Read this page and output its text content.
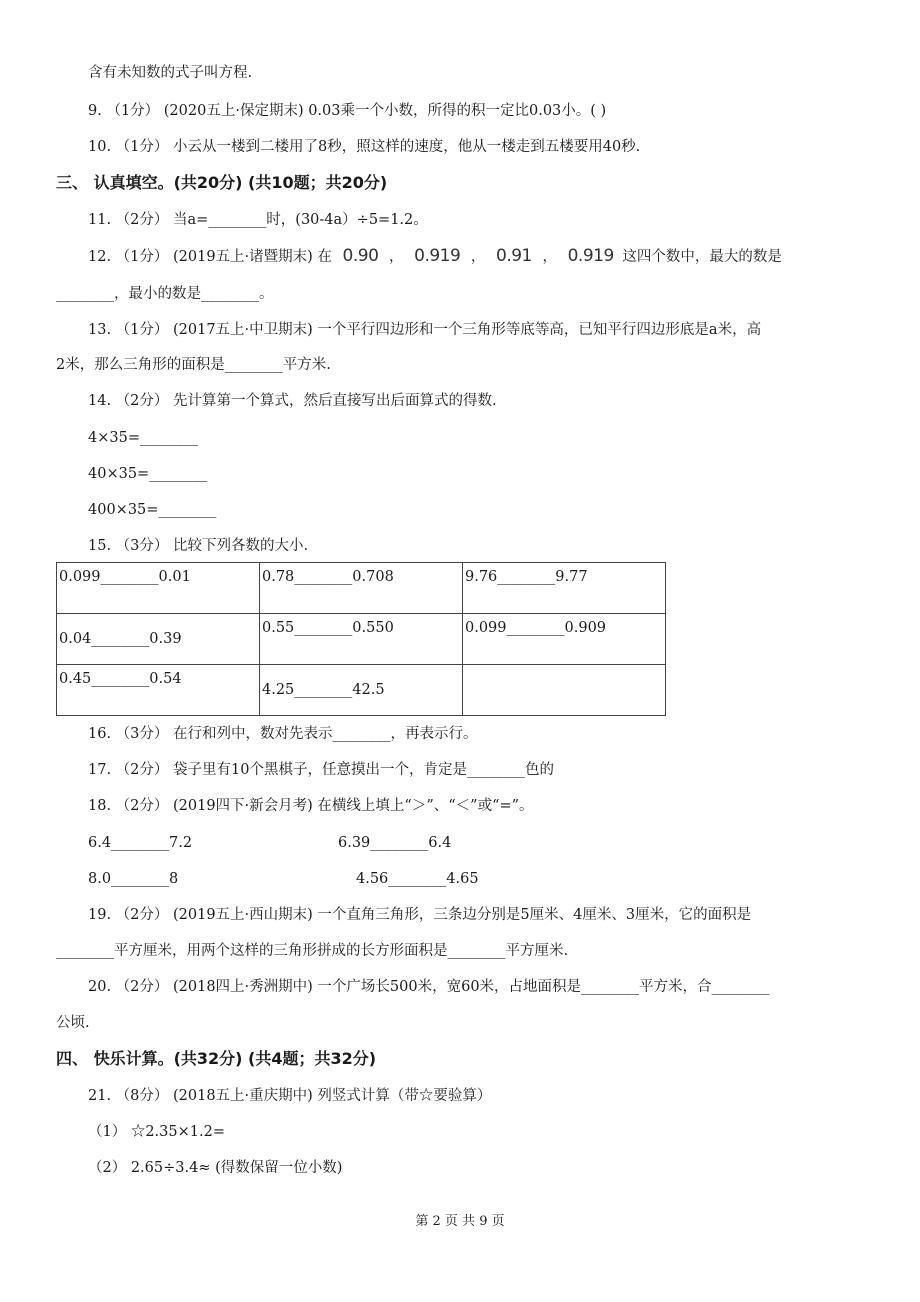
含有未知数的式子叫方程.
9. （1分） (2020五上·保定期末) 0.03乘一个小数，所得的积一定比0.03小。( )
10. （1分） 小云从一楼到二楼用了8秒，照这样的速度，他从一楼走到五楼要用40秒.
三、 认真填空。(共20分) (共10题；共20分)
11. （2分） 当a=________时，(30-4a）÷5=1.2。
12. （1分） (2019五上·诸暨期末) 在 0.90 ， 0.919 ， 0.91 ， 0.919 这四个数中，最大的数是
________，最小的数是________。
13. （1分） (2017五上·中卫期末) 一个平行四边形和一个三角形等底等高，已知平行四边形底是a米，高
2米，那么三角形的面积是________平方米.
14. （2分） 先计算第一个算式，然后直接写出后面算式的得数.
4×35=________
40×35=________
400×35=________
15. （3分） 比较下列各数的大小.
0.099________0.01	0.78________0.708	9.76________9.77

0.04________0.39	0.55________0.550	0.099________0.909

0.45________0.54	4.25________42.5	

16. （3分） 在行和列中，数对先表示________，再表示行。
17. （2分） 袋子里有10个黑棋子，任意摸出一个，肯定是________色的
18. （2分） (2019四下·新会月考) 在横线上填上“＞”、“＜”或“=”。
6.4________7.2	6.39________6.4
8.0________8	4.56________4.65
19. （2分） (2019五上·西山期末) 一个直角三角形，三条边分别是5厘米、4厘米、3厘米，它的面积是
________平方厘米，用两个这样的三角形拼成的长方形面积是________平方厘米.
20. （2分） (2018四上·秀洲期中) 一个广场长500米，宽60米，占地面积是________平方米，合________
公顷.
四、 快乐计算。(共32分) (共4题；共32分)
21. （8分） (2018五上·重庆期中) 列竖式计算（带☆要验算）
（1） ☆2.35×1.2=
（2） 2.65÷3.4≈ (得数保留一位小数)
第 2 页 共 9 页
